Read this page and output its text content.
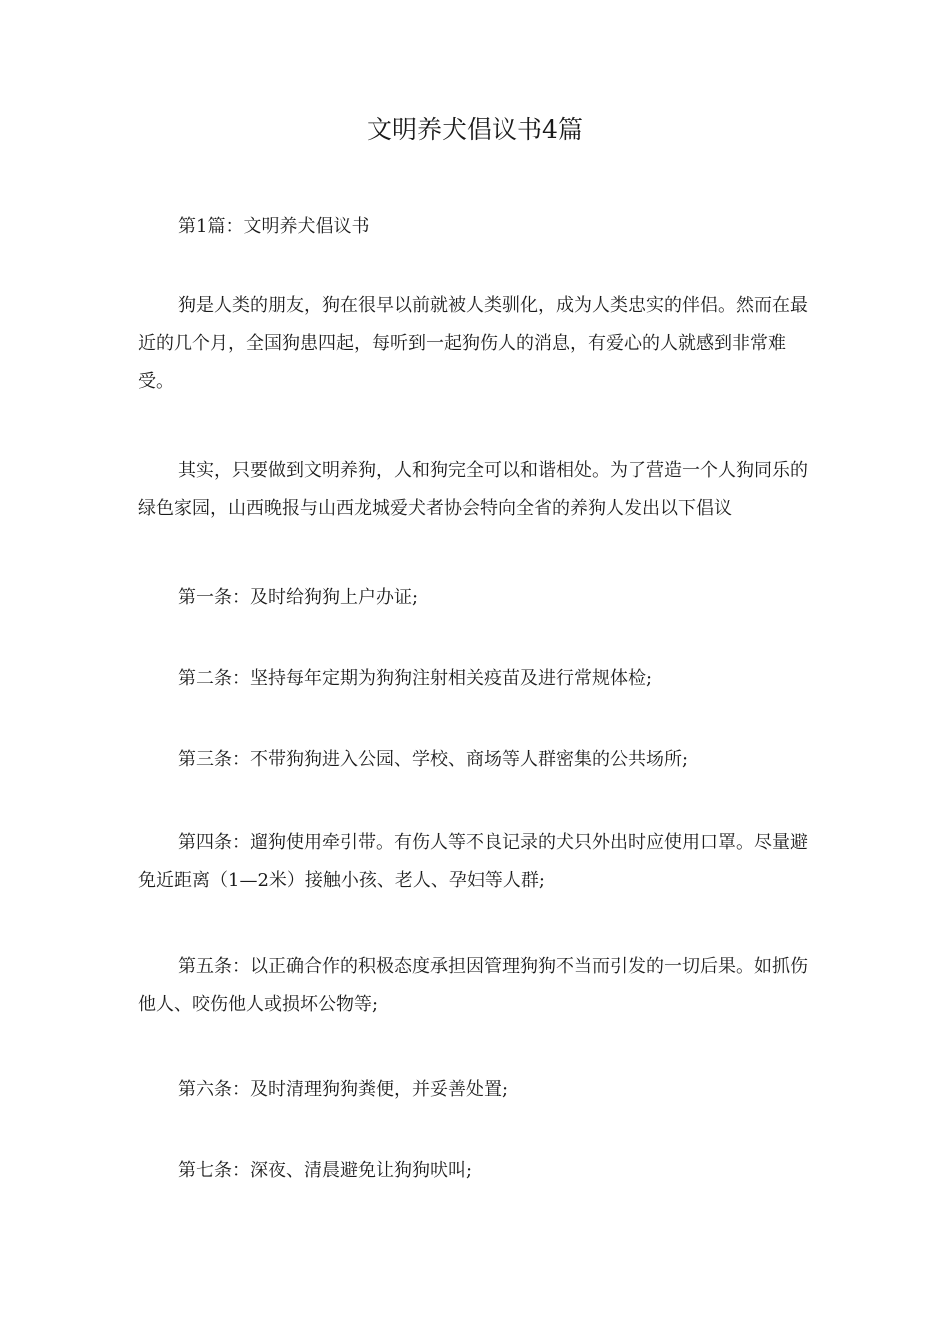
文明养犬倡议书4篇
第1篇：文明养犬倡议书
狗是人类的朋友，狗在很早以前就被人类驯化，成为人类忠实的伴侣。然而在最近的几个月，全国狗患四起，每听到一起狗伤人的消息，有爱心的人就感到非常难受。
其实，只要做到文明养狗，人和狗完全可以和谐相处。为了营造一个人狗同乐的绿色家园，山西晚报与山西龙城爱犬者协会特向全省的养狗人发出以下倡议
第一条：及时给狗狗上户办证;
第二条：坚持每年定期为狗狗注射相关疫苗及进行常规体检;
第三条：不带狗狗进入公园、学校、商场等人群密集的公共场所;
第四条：遛狗使用牵引带。有伤人等不良记录的犬只外出时应使用口罩。尽量避免近距离（1—2米）接触小孩、老人、孕妇等人群;
第五条：以正确合作的积极态度承担因管理狗狗不当而引发的一切后果。如抓伤他人、咬伤他人或损坏公物等;
第六条：及时清理狗狗粪便，并妥善处置;
第七条：深夜、清晨避免让狗狗吠叫;
